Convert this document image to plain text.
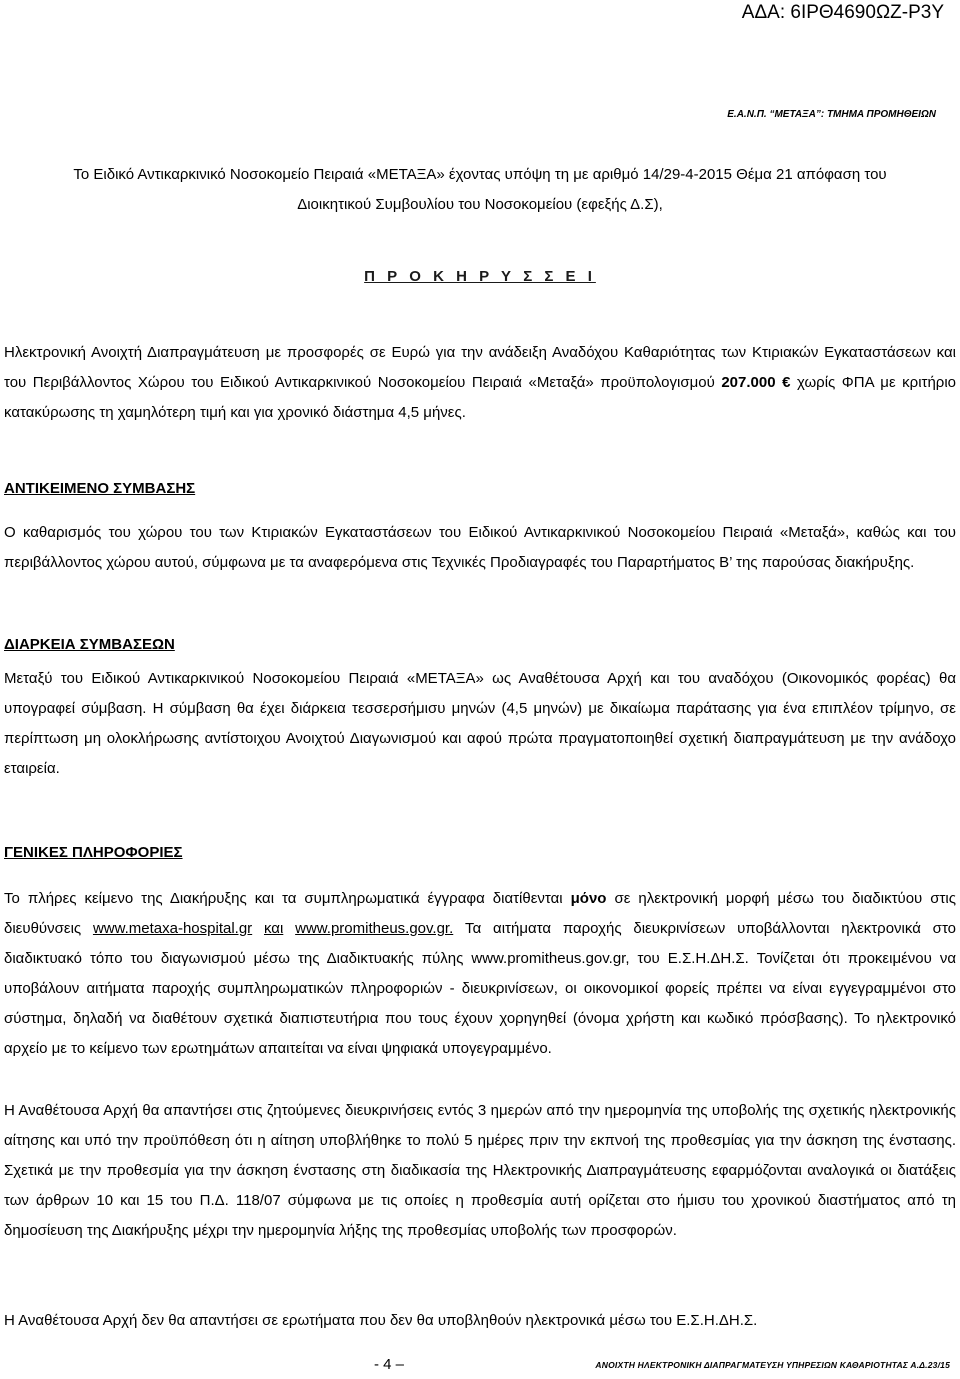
ΑΔΑ: 6ΙΡΘ4690ΩΖ-Ρ3Υ
Ε.Α.Ν.Π. “ΜΕΤΑΞΑ”: ΤΜΗΜΑ ΠΡΟΜΗΘΕΙΩΝ

Το Ειδικό Αντικαρκινικό Νοσοκομείο Πειραιά «ΜΕΤΑΞΑ» έχοντας υπόψη τη με αριθμό 14/29-4-2015 Θέμα 21 απόφαση του
Διοικητικού Συμβουλίου του Νοσοκομείου (εφεξής Δ.Σ),

Π Ρ Ο Κ Η Ρ Υ Σ Σ Ε Ι

Ηλεκτρονική Ανοιχτή Διαπραγμάτευση με προσφορές σε Ευρώ για την ανάδειξη Αναδόχου Καθαριότητας των Κτιριακών Εγκαταστάσεων και του Περιβάλλοντος Χώρου του Ειδικού Αντικαρκινικού Νοσοκομείου Πειραιά «Μεταξά» προϋπολογισμού 207.000 € χωρίς ΦΠΑ με κριτήριο κατακύρωσης τη χαμηλότερη τιμή και για χρονικό διάστημα 4,5 μήνες.

ΑΝΤΙΚΕΙΜΕΝΟ ΣΥΜΒΑΣΗΣ

Ο καθαρισμός του χώρου του των Κτιριακών Εγκαταστάσεων του Ειδικού Αντικαρκινικού Νοσοκομείου Πειραιά «Μεταξά», καθώς και του περιβάλλοντος χώρου αυτού, σύμφωνα με τα αναφερόμενα στις Τεχνικές Προδιαγραφές του Παραρτήματος Β’ της παρούσας διακήρυξης.

ΔΙΑΡΚΕΙΑ ΣΥΜΒΑΣΕΩΝ

Μεταξύ του Ειδικού Αντικαρκινικού Νοσοκομείου Πειραιά «ΜΕΤΑΞΑ» ως Αναθέτουσα Αρχή και του αναδόχου (Οικονομικός φορέας) θα υπογραφεί σύμβαση. Η σύμβαση θα έχει διάρκεια τεσσερσήμισυ μηνών (4,5 μηνών) με δικαίωμα παράτασης για ένα επιπλέον τρίμηνο, σε περίπτωση μη ολοκλήρωσης αντίστοιχου Ανοιχτού Διαγωνισμού και αφού πρώτα πραγματοποιηθεί σχετική διαπραγμάτευση με την ανάδοχο εταιρεία.

ΓΕΝΙΚΕΣ ΠΛΗΡΟΦΟΡΙΕΣ

Το πλήρες κείμενο της Διακήρυξης και τα συμπληρωματικά έγγραφα διατίθενται μόνο σε ηλεκτρονική μορφή μέσω του διαδικτύου στις διευθύνσεις www.metaxa-hospital.gr και www.promitheus.gov.gr. Τα αιτήματα παροχής διευκρινίσεων υποβάλλονται ηλεκτρονικά στο διαδικτυακό τόπο του διαγωνισμού μέσω της Διαδικτυακής πύλης www.promitheus.gov.gr, του Ε.Σ.Η.ΔΗ.Σ. Τονίζεται ότι προκειμένου να υποβάλουν αιτήματα παροχής συμπληρωματικών πληροφοριών - διευκρινίσεων, οι οικονομικοί φορείς πρέπει να είναι εγγεγραμμένοι στο σύστημα, δηλαδή να διαθέτουν σχετικά διαπιστευτήρια που τους έχουν χορηγηθεί (όνομα χρήστη και κωδικό πρόσβασης). Το ηλεκτρονικό αρχείο με το κείμενο των ερωτημάτων απαιτείται να είναι ψηφιακά υπογεγραμμένο.

Η Αναθέτουσα Αρχή θα απαντήσει στις ζητούμενες διευκρινήσεις εντός 3 ημερών από την ημερομηνία της υποβολής της σχετικής ηλεκτρονικής αίτησης και υπό την προϋπόθεση ότι η αίτηση υποβλήθηκε το πολύ 5 ημέρες πριν την εκπνοή της προθεσμίας για την άσκηση της ένστασης. Σχετικά με την προθεσμία για την άσκηση ένστασης στη διαδικασία της Ηλεκτρονικής Διαπραγμάτευσης εφαρμόζονται αναλογικά οι διατάξεις των άρθρων 10 και 15 του Π.Δ. 118/07 σύμφωνα με τις οποίες η προθεσμία αυτή ορίζεται στο ήμισυ του χρονικού διαστήματος από τη δημοσίευση της Διακήρυξης μέχρι την ημερομηνία λήξης της προθεσμίας υποβολής των προσφορών.

Η Αναθέτουσα Αρχή δεν θα απαντήσει σε ερωτήματα που δεν θα υποβληθούν ηλεκτρονικά μέσω του Ε.Σ.Η.ΔΗ.Σ.

- 4 –	ΑΝΟΙΧΤΗ ΗΛΕΚΤΡΟΝΙΚΗ ΔΙΑΠΡΑΓΜΑΤΕΥΣΗ ΥΠΗΡΕΣΙΩΝ ΚΑΘΑΡΙΟΤΗΤΑΣ Α.Δ.23/15
